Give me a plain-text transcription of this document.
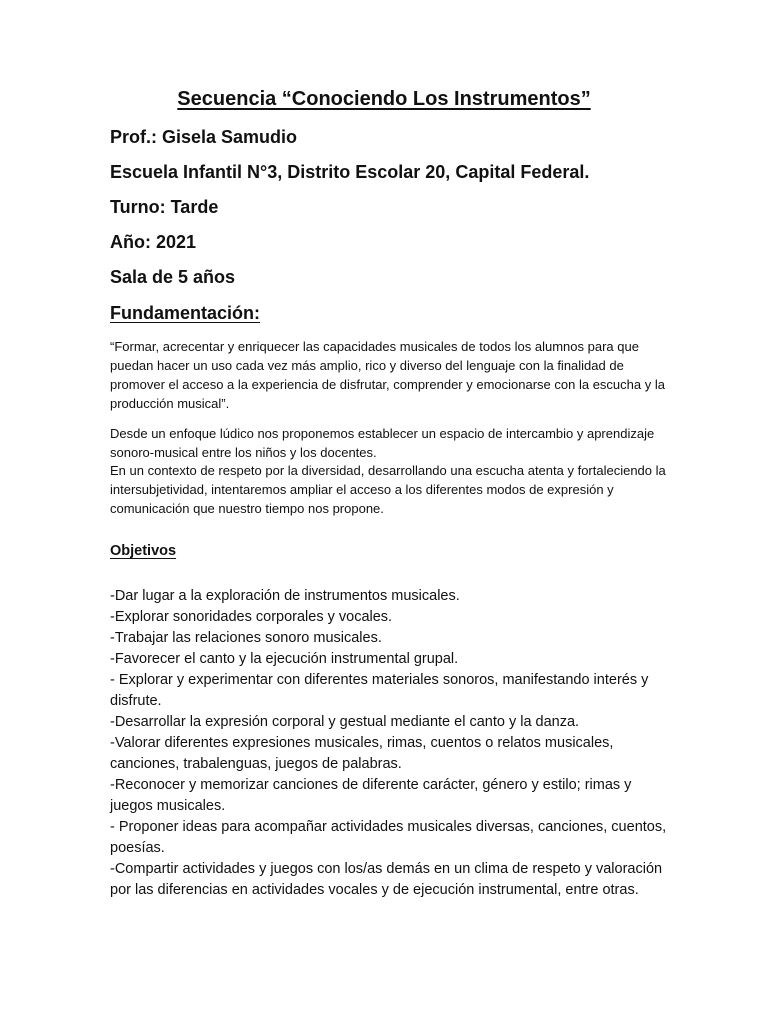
Secuencia “Conociendo Los Instrumentos”

Prof.: Gisela Samudio

Escuela Infantil N°3, Distrito Escolar 20, Capital Federal.

Turno: Tarde

Año: 2021

Sala de 5 años

Fundamentación:

“Formar, acrecentar y enriquecer las capacidades musicales de todos los alumnos para que puedan hacer un uso cada vez más amplio, rico y diverso del lenguaje con la finalidad de promover el acceso a la experiencia de disfrutar, comprender y emocionarse con la escucha y la producción musical”.

Desde un enfoque lúdico nos proponemos establecer un espacio de intercambio y aprendizaje sonoro-musical entre los niños y los docentes.

En un contexto de respeto por la diversidad, desarrollando una escucha atenta y fortaleciendo la intersubjetividad, intentaremos ampliar el acceso a los diferentes modos de expresión y comunicación que nuestro tiempo nos propone.

Objetivos
-Dar lugar a la exploración de instrumentos musicales.
-Explorar sonoridades corporales y vocales.
-Trabajar las relaciones sonoro musicales.
-Favorecer el canto y la ejecución instrumental grupal.
- Explorar y experimentar con diferentes materiales sonoros, manifestando interés y disfrute.
-Desarrollar la expresión corporal y gestual mediante el canto y la danza.
-Valorar diferentes expresiones musicales, rimas, cuentos o relatos musicales, canciones, trabalenguas, juegos de palabras.
-Reconocer y memorizar canciones de diferente carácter, género y estilo; rimas y juegos musicales.
- Proponer ideas para acompañar actividades musicales diversas, canciones, cuentos, poesías.
-Compartir actividades y juegos con los/as demás en un clima de respeto y valoración por las diferencias en actividades vocales y de ejecución instrumental, entre otras.
